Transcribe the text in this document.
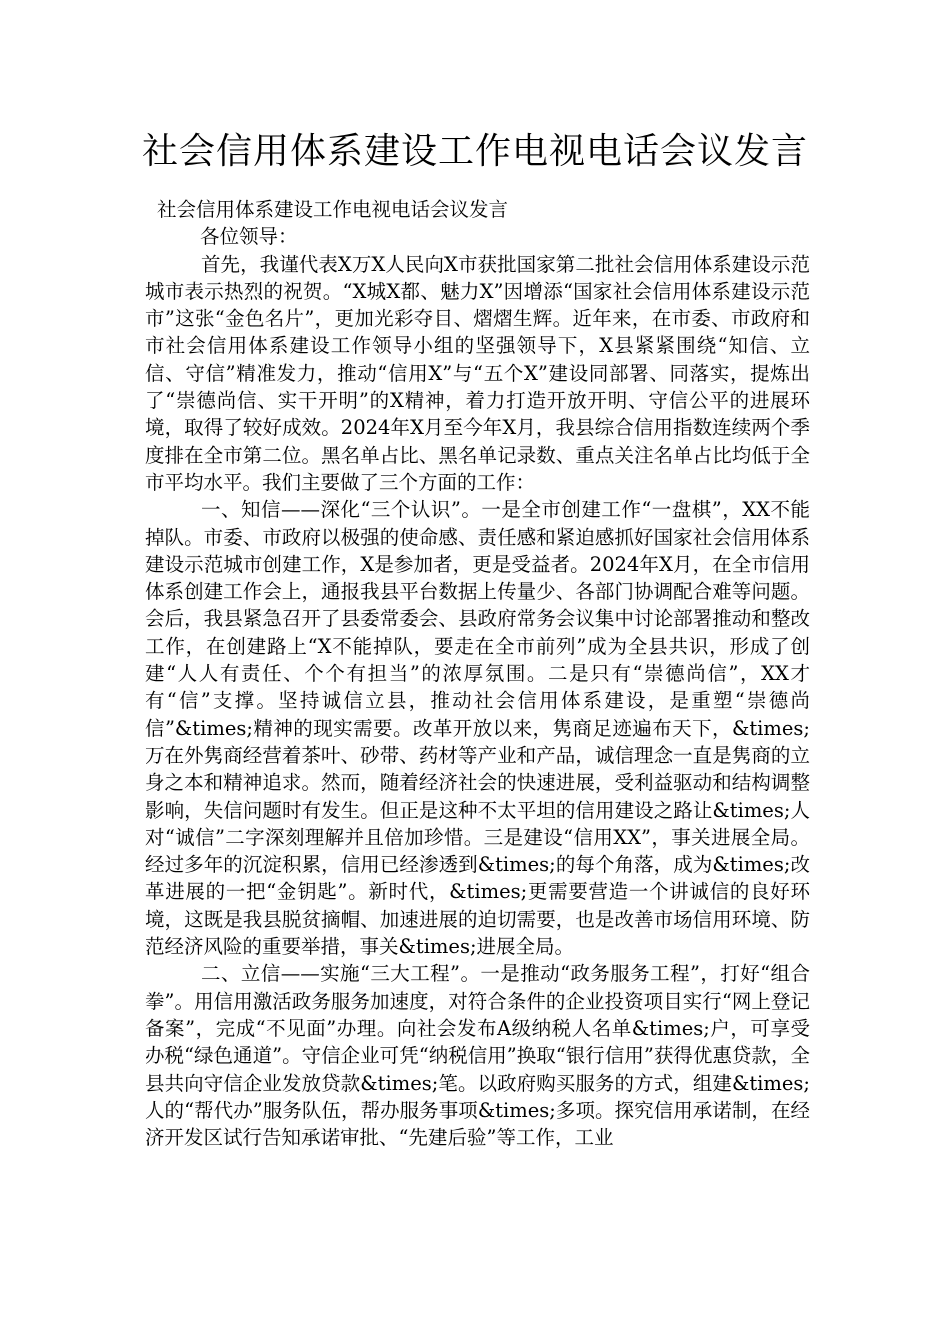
社会信用体系建设工作电视电话会议发言
社会信用体系建设工作电视电话会议发言
各位领导：

首先，我谨代表X万X人民向X市获批国家第二批社会信用体系建设示范城市表示热烈的祝贺。“X城X都、魅力X”因增添“国家社会信用体系建设示范市”这张“金色名片”，更加光彩夺目、熠熠生辉。近年来，在市委、市政府和市社会信用体系建设工作领导小组的坚强领导下，X县紧紧围绕“知信、立信、守信”精准发力，推动“信用X”与“五个X”建设同部署、同落实，提炼出了“崇德尚信、实干开明”的X精神，着力打造开放开明、守信公平的进展环境，取得了较好成效。2024年X月至今年X月，我县综合信用指数连续两个季度排在全市第二位。黑名单占比、黑名单记录数、重点关注名单占比均低于全市平均水平。我们主要做了三个方面的工作：

一、知信——深化“三个认识”。一是全市创建工作“一盘棋”，XX不能掉队。市委、市政府以极强的使命感、责任感和紧迫感抓好国家社会信用体系建设示范城市创建工作，X是参加者，更是受益者。2024年X月，在全市信用体系创建工作会上，通报我县平台数据上传量少、各部门协调配合难等问题。会后，我县紧急召开了县委常委会、县政府常务会议集中讨论部署推动和整改工作，在创建路上“X不能掉队，要走在全市前列”成为全县共识，形成了创建“人人有责任、个个有担当”的浓厚氛围。二是只有“崇德尚信”，XX才有“信”支撑。坚持诚信立县，推动社会信用体系建设，是重塑“崇德尚信”&times;精神的现实需要。改革开放以来，隽商足迹遍布天下，&times;万在外隽商经营着茶叶、砂带、药材等产业和产品，诚信理念一直是隽商的立身之本和精神追求。然而，随着经济社会的快速进展，受利益驱动和结构调整影响，失信问题时有发生。但正是这种不太平坦的信用建设之路让&times;人对“诚信”二字深刻理解并且倍加珍惜。三是建设“信用XX”，事关进展全局。经过多年的沉淀积累，信用已经渗透到&times;的每个角落，成为&times;改革进展的一把“金钥匙”。新时代，&times;更需要营造一个讲诚信的良好环境，这既是我县脱贫摘帽、加速进展的迫切需要，也是改善市场信用环境、防范经济风险的重要举措，事关&times;进展全局。

二、立信——实施“三大工程”。一是推动“政务服务工程”，打好“组合拳”。用信用激活政务服务加速度，对符合条件的企业投资项目实行“网上登记备案”，完成“不见面”办理。向社会发布A级纳税人名单&times;户，可享受办税“绿色通道”。守信企业可凭“纳税信用”换取“银行信用”获得优惠贷款，全县共向守信企业发放贷款&times;笔。以政府购买服务的方式，组建&times;人的“帮代办”服务队伍，帮办服务事项&times;多项。探究信用承诺制，在经济开发区试行告知承诺审批、“先建后验”等工作，工业
